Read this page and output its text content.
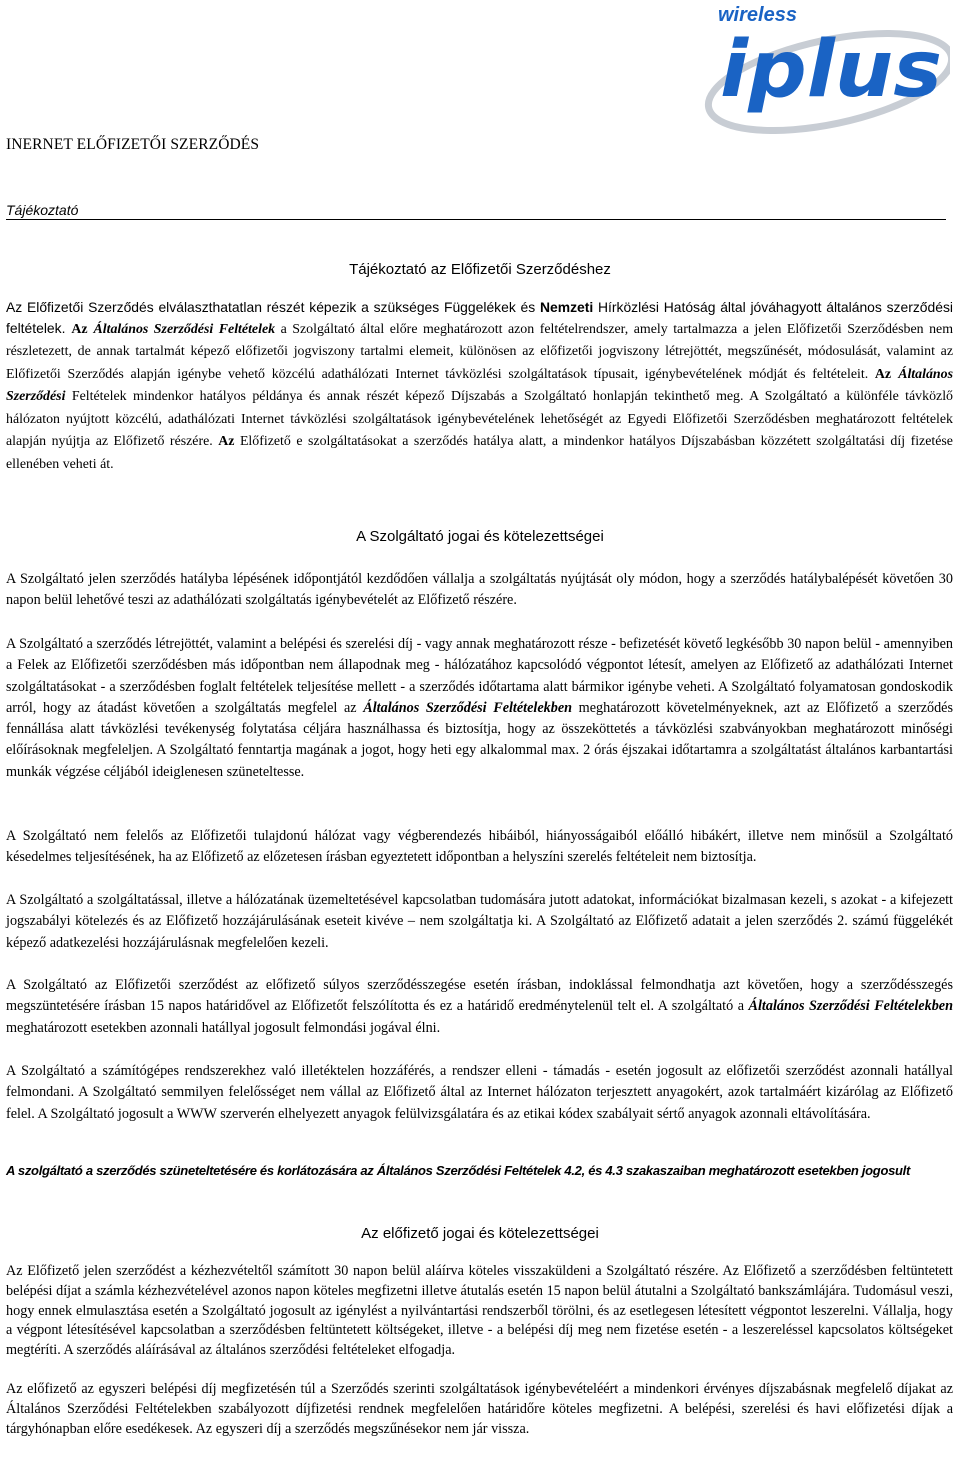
wireless
iplus
INERNET ELŐFIZETŐI SZERZŐDÉS
Tájékoztató
Tájékoztató az Előfizetői Szerződéshez

Az Előfizetői Szerződés elválaszthatatlan részét képezik a szükséges Függelékek és Nemzeti Hírközlési Hatóság által jóváhagyott általános szerződési feltételek. Az Általános Szerződési Feltételek a Szolgáltató által előre meghatározott azon feltételrendszer, amely tartalmazza a jelen Előfizetői Szerződésben nem részletezett, de annak tartalmát képező előfizetői jogviszony tartalmi elemeit, különösen az előfizetői jogviszony létrejöttét, megszűnését, módosulását, valamint az Előfizetői Szerződés alapján igénybe vehető közcélú adathálózati Internet távközlési szolgáltatások típusait, igénybevételének módját és feltételeit. Az Általános Szerződési Feltételek mindenkor hatályos példánya és annak részét képező Díjszabás a Szolgáltató honlapján tekinthető meg. A Szolgáltató a különféle távközlő hálózaton nyújtott közcélú, adathálózati Internet távközlési szolgáltatások igénybevételének lehetőségét az Egyedi Előfizetői Szerződésben meghatározott feltételek alapján nyújtja az Előfizető részére. Az Előfizető e szolgáltatásokat a szerződés hatálya alatt, a mindenkor hatályos Díjszabásban közzétett szolgáltatási díj fizetése ellenében veheti át.

A Szolgáltató jogai és kötelezettségei

A Szolgáltató jelen szerződés hatályba lépésének időpontjától kezdődően vállalja a szolgáltatás nyújtását oly módon, hogy a szerződés hatálybalépését követően 30 napon belül lehetővé teszi az adathálózati szolgáltatás igénybevételét az Előfizető részére.

A Szolgáltató a szerződés létrejöttét, valamint a belépési és szerelési díj - vagy annak meghatározott része - befizetését követő legkésőbb 30 napon belül - amennyiben a Felek az Előfizetői szerződésben más időpontban nem állapodnak meg - hálózatához kapcsolódó végpontot létesít, amelyen az Előfizető az adathálózati Internet szolgáltatásokat - a szerződésben foglalt feltételek teljesítése mellett - a szerződés időtartama alatt bármikor igénybe veheti. A Szolgáltató folyamatosan gondoskodik arról, hogy az átadást követően a szolgáltatás megfelel az Általános Szerződési Feltételekben meghatározott követelményeknek, azt az Előfizető a szerződés fennállása alatt távközlési tevékenység folytatása céljára használhassa és biztosítja, hogy az összeköttetés a távközlési szabványokban meghatározott minőségi előírásoknak megfeleljen. A Szolgáltató fenntartja magának a jogot, hogy heti egy alkalommal max. 2 órás éjszakai időtartamra a szolgáltatást általános karbantartási munkák végzése céljából ideiglenesen szüneteltesse.

A Szolgáltató nem felelős az Előfizetői tulajdonú hálózat vagy végberendezés hibáiból, hiányosságaiból előálló hibákért, illetve nem minősül a Szolgáltató késedelmes teljesítésének, ha az Előfizető az előzetesen írásban egyeztetett időpontban a helyszíni szerelés feltételeit nem biztosítja.

A Szolgáltató a szolgáltatással, illetve a hálózatának üzemeltetésével kapcsolatban tudomására jutott adatokat, információkat bizalmasan kezeli, s azokat - a kifejezett jogszabályi kötelezés és az Előfizető hozzájárulásának eseteit kivéve – nem szolgáltatja ki. A Szolgáltató az Előfizető adatait a jelen szerződés 2. számú függelékét képező adatkezelési hozzájárulásnak megfelelően kezeli.

A Szolgáltató az Előfizetői szerződést az előfizető súlyos szerződésszegése esetén írásban, indoklással felmondhatja azt követően, hogy a szerződésszegés megszüntetésére írásban 15 napos határidővel az Előfizetőt felszólította és ez a határidő eredménytelenül telt el. A szolgáltató a Általános Szerződési Feltételekben meghatározott esetekben azonnali hatállyal jogosult felmondási jogával élni.

A Szolgáltató a számítógépes rendszerekhez való illetéktelen hozzáférés, a rendszer elleni - támadás - esetén jogosult az előfizetői szerződést azonnali hatállyal felmondani. A Szolgáltató semmilyen felelősséget nem vállal az Előfizető által az Internet hálózaton terjesztett anyagokért, azok tartalmáért kizárólag az Előfizető felel. A Szolgáltató jogosult a WWW szerverén elhelyezett anyagok felülvizsgálatára és az etikai kódex szabályait sértő anyagok azonnali eltávolítására.

A szolgáltató a szerződés szüneteltetésére és korlátozására az Általános Szerződési Feltételek 4.2, és 4.3 szakaszaiban meghatározott esetekben jogosult

Az előfizető jogai és kötelezettségei

Az Előfizető jelen szerződést a kézhezvételtől számított 30 napon belül aláírva köteles visszaküldeni a Szolgáltató részére. Az Előfizető a szerződésben feltüntetett belépési díjat a számla kézhezvételével azonos napon köteles megfizetni illetve átutalás esetén 15 napon belül átutalni a Szolgáltató bankszámlájára. Tudomásul veszi, hogy ennek elmulasztása esetén a Szolgáltató jogosult az igénylést a nyilvántartási rendszerből törölni, és az esetlegesen létesített végpontot leszerelni. Vállalja, hogy a végpont létesítésével kapcsolatban a szerződésben feltüntetett költségeket, illetve - a belépési díj meg nem fizetése esetén - a leszereléssel kapcsolatos költségeket megtéríti. A szerződés aláírásával az általános szerződési feltételeket elfogadja.

Az előfizető az egyszeri belépési díj megfizetésén túl a Szerződés szerinti szolgáltatások igénybevételéért a mindenkori érvényes díjszabásnak megfelelő díjakat az Általános Szerződési Feltételekben szabályozott díjfizetési rendnek megfelelően határidőre köteles megfizetni. A belépési, szerelési és havi előfizetési díjak a tárgyhónapban előre esedékesek. Az egyszeri díj a szerződés megszűnésekor nem jár vissza.
